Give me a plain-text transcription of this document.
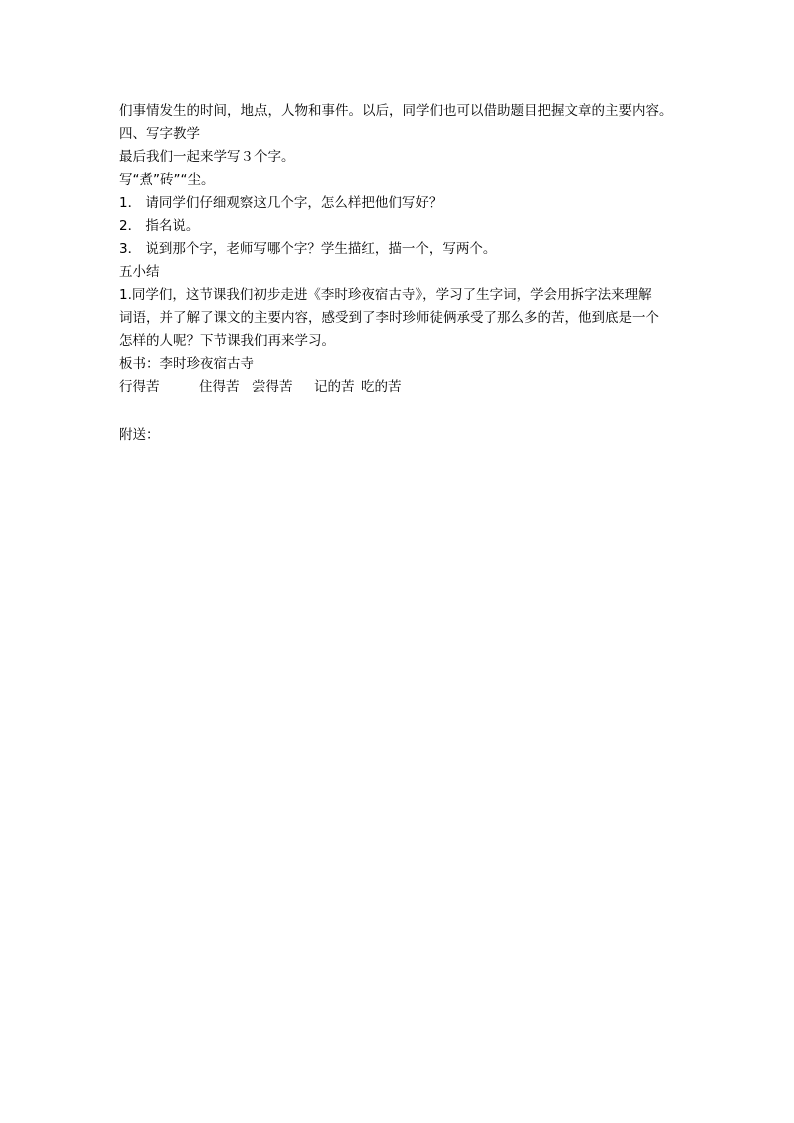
们事情发生的时间，地点，人物和事件。以后，同学们也可以借助题目把握文章的主要内容。
四、写字教学
最后我们一起来学写３个字。
写“煮”砖”“尘。
1． 请同学们仔细观察这几个字，怎么样把他们写好？
2． 指名说。
3． 说到那个字，老师写哪个字？学生描红，描一个，写两个。
五小结
1.同学们，这节课我们初步走进《李时珍夜宿古寺》，学习了生字词，学会用拆字法来理解
词语，并了解了课文的主要内容，感受到了李时珍师徒俩承受了那么多的苦，他到底是一个
怎样的人呢？下节课我们再来学习。
板书：李时珍夜宿古寺
行得苦	住得苦 尝得苦	记的苦 吃的苦
附送：
